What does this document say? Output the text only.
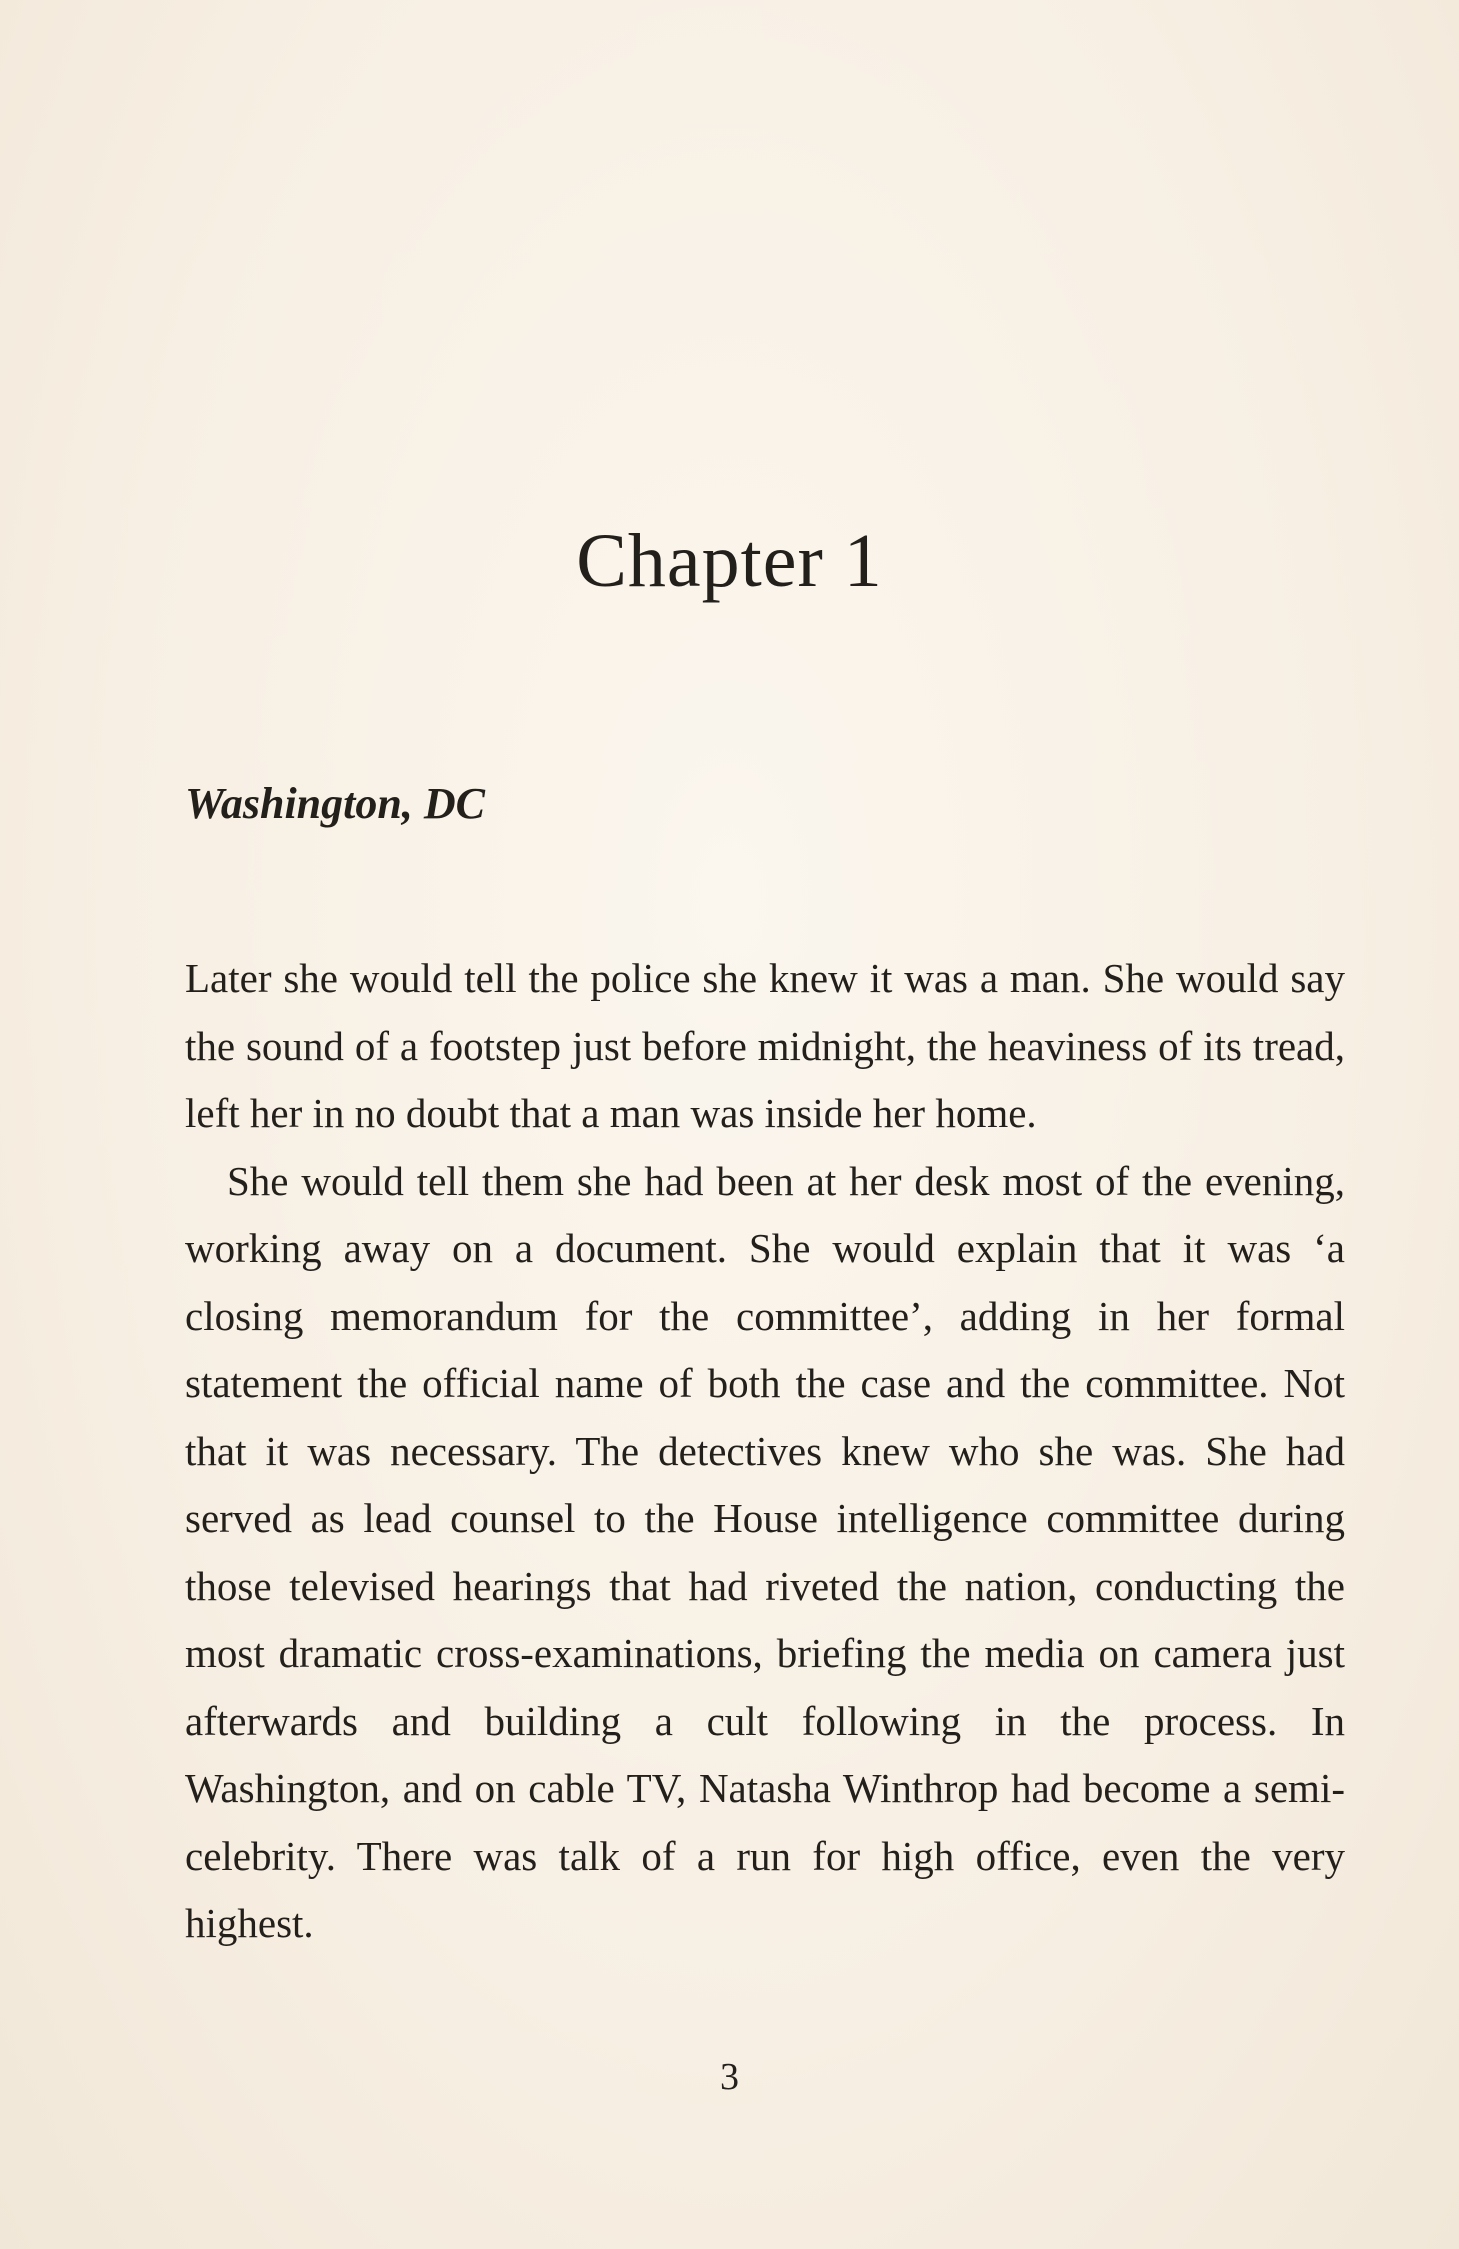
Chapter 1
Washington, DC

Later she would tell the police she knew it was a man. She would say the sound of a footstep just before midnight, the heaviness of its tread, left her in no doubt that a man was inside her home.

She would tell them she had been at her desk most of the evening, working away on a document. She would explain that it was ‘a closing memorandum for the committee’, adding in her formal statement the official name of both the case and the committee. Not that it was necessary. The detectives knew who she was. She had served as lead counsel to the House intelligence committee during those televised hearings that had riveted the nation, conducting the most dramatic cross-examinations, briefing the media on camera just afterwards and building a cult following in the process. In Washington, and on cable TV, Natasha Winthrop had become a semi-celebrity. There was talk of a run for high office, even the very highest.

3
